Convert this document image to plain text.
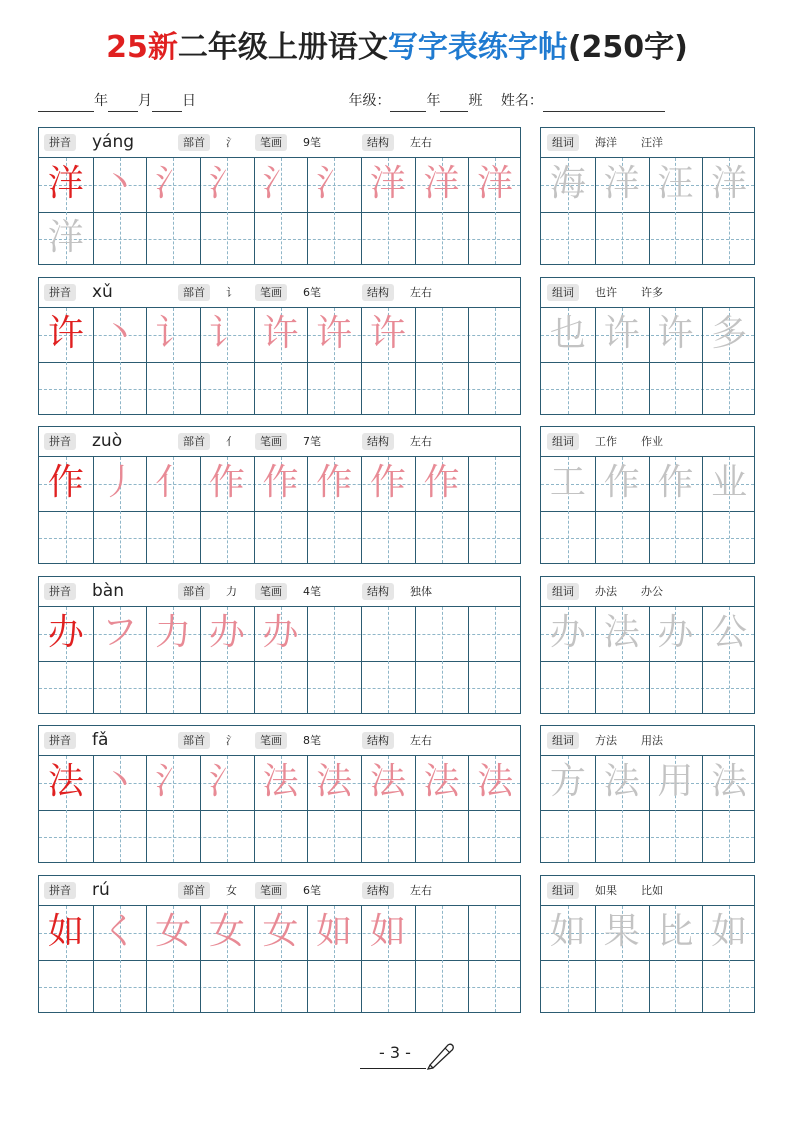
25新二年级上册语文写字表练字帖(250字)
年 月 日	年级：	年 班 姓名：
拼音 yáng	部首	氵	笔画	9笔	结构	左右
洋 丶 氵 氵 氵 氵 洋 洋 洋
洋
组词	海洋 汪洋
海 洋 汪 洋
拼音 xǔ	部首	讠	笔画	6笔	结构	左右
许 丶 讠 讠 许 许 许
组词	也许 许多
也 许 许 多
拼音 zuò	部首	亻	笔画	7笔	结构	左右
作 丿 亻 作 作 作 作 作
组词	工作 作业
工 作 作 业
拼音 bàn	部首	力	笔画	4笔	结构	独体
办 フ 力 办 办
组词	办法 办公
办 法 办 公
拼音 fǎ	部首	氵	笔画	8笔	结构	左右
法 丶 氵 氵 法 法 法 法 法
组词	方法 用法
方 法 用 法
拼音 rú	部首	女	笔画	6笔	结构	左右
如 く 女 女 女 如 如
组词	如果 比如
如 果 比 如
- 3 -
